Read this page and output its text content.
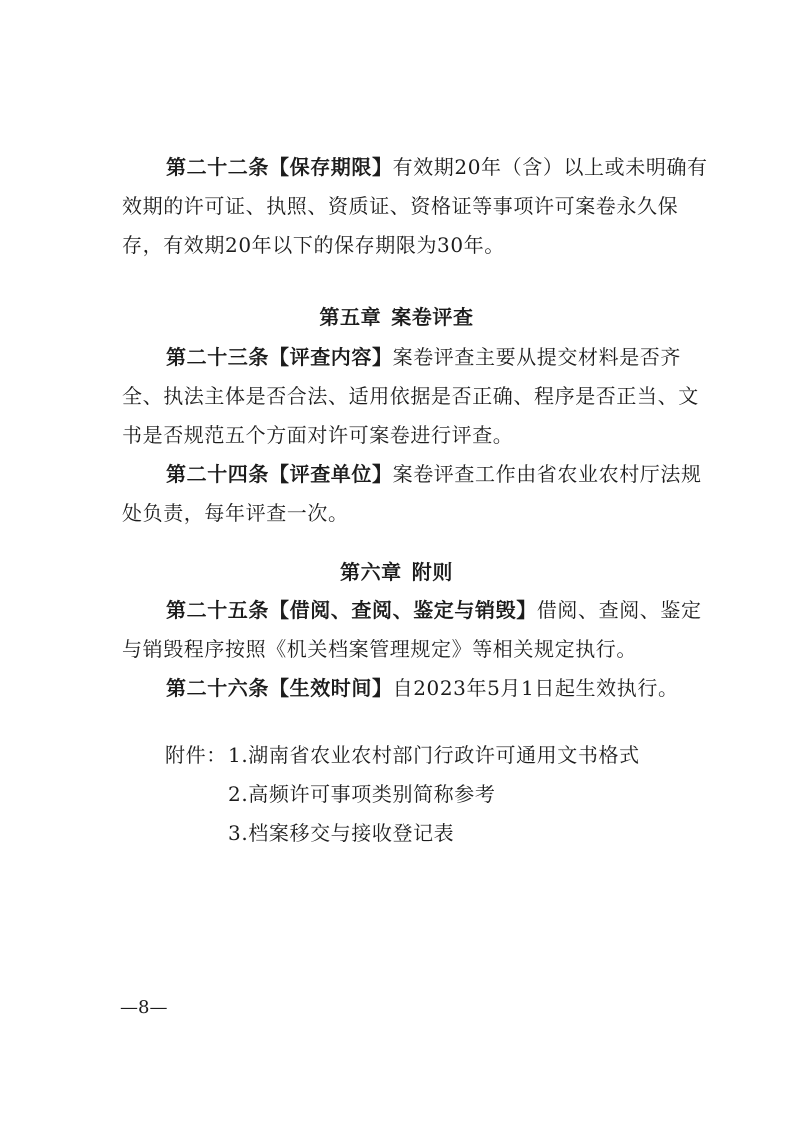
第二十二条【保存期限】有效期20年（含）以上或未明确有效期的许可证、执照、资质证、资格证等事项许可案卷永久保存，有效期20年以下的保存期限为30年。

第五章 案卷评查

第二十三条【评查内容】案卷评查主要从提交材料是否齐全、执法主体是否合法、适用依据是否正确、程序是否正当、文书是否规范五个方面对许可案卷进行评查。

第二十四条【评查单位】案卷评查工作由省农业农村厅法规处负责，每年评查一次。

第六章 附则

第二十五条【借阅、查阅、鉴定与销毁】借阅、查阅、鉴定与销毁程序按照《机关档案管理规定》等相关规定执行。

第二十六条【生效时间】自2023年5月1日起生效执行。

附件： 1.湖南省农业农村部门行政许可通用文书格式
2.高频许可事项类别简称参考
3.档案移交与接收登记表
—8—
